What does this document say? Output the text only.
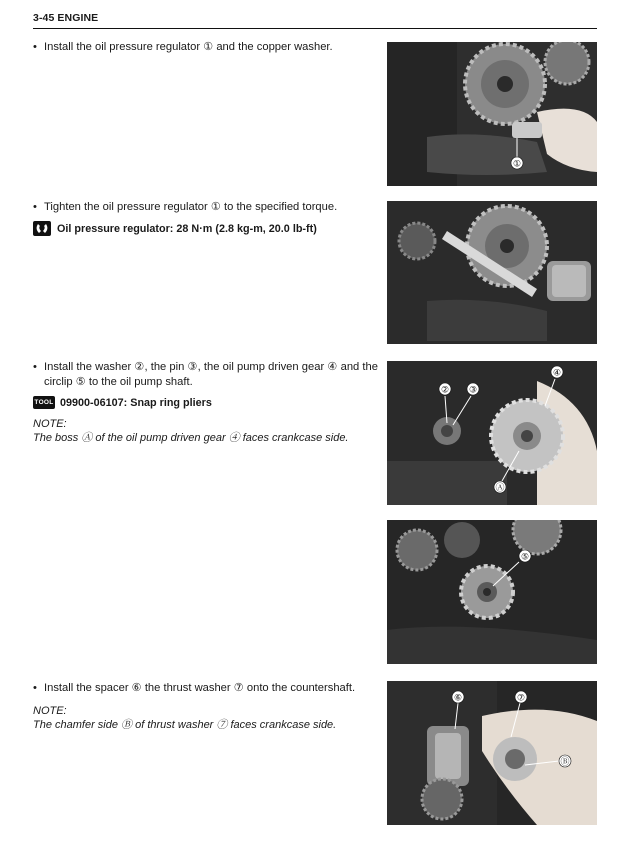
3-45 ENGINE
• Install the oil pressure regulator ① and the copper washer.
• Tighten the oil pressure regulator ① to the specified torque.
Oil pressure regulator: 28 N·m (2.8 kg-m, 20.0 lb-ft)
• Install the washer ②, the pin ③, the oil pump driven gear ④ and the circlip ⑤ to the oil pump shaft.
TOOL 09900-06107: Snap ring pliers
NOTE:
The boss Ⓐ of the oil pump driven gear ④ faces crankcase side.
• Install the spacer ⑥ the thrust washer ⑦ onto the countershaft.
NOTE:
The chamfer side Ⓑ of thrust washer ⑦ faces crankcase side.
①
② ③
④
Ⓐ
⑤
⑥	⑦
Ⓑ
